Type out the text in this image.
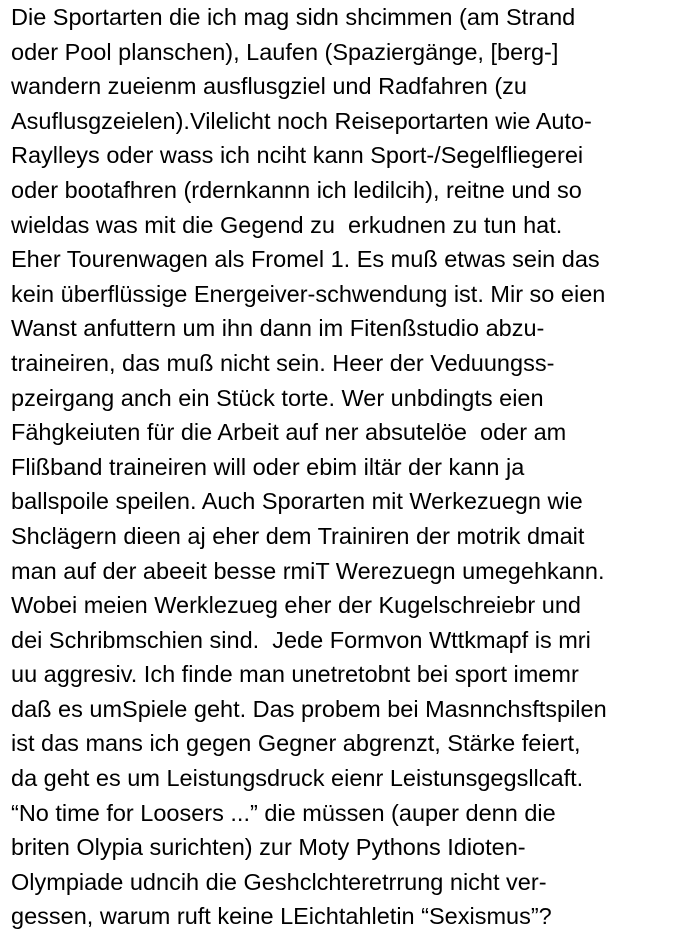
Die Sportarten die ich mag sidn shcimmen (am Strand
oder Pool planschen), Laufen (Spaziergänge, [berg-]
wandern zueienm ausflusgziel und Radfahren (zu
Asuflusgzeielen).Vilelicht noch Reiseportarten wie Auto-
Raylleys oder wass ich nciht kann Sport-/Segelfliegerei
oder bootafhren (rdernkannn ich ledilcih), reitne und so
wieldas was mit die Gegend zu  erkudnen zu tun hat.
Eher Tourenwagen als Fromel 1. Es muß etwas sein das
kein überflüssige Energeiver-schwendung ist. Mir so eien
Wanst anfuttern um ihn dann im Fitenßstudio abzu-
traineiren, das muß nicht sein. Heer der Veduungss-
pzeirgang anch ein Stück torte. Wer unbdingts eien
Fähgkeiuten für die Arbeit auf ner absutelöe  oder am
Flißband traineiren will oder ebim iltär der kann ja
ballspoile speilen. Auch Sporarten mit Werkezuegn wie
Shclägern dieen aj eher dem Trainiren der motrik dmait
man auf der abeeit besse rmiT Werezuegn umegehkann.
Wobei meien Werklezueg eher der Kugelschreiebr und
dei Schribmschien sind.  Jede Formvon Wttkmapf is mri
uu aggresiv. Ich finde man unetretobnt bei sport imemr
daß es umSpiele geht. Das probem bei Masnnchsftspilen
ist das mans ich gegen Gegner abgrenzt, Stärke feiert,
da geht es um Leistungsdruck eienr Leistunsgegsllcaft.
“No time for Loosers ...” die müssen (auper denn die
briten Olypia surichten) zur Moty Pythons Idioten-
Olympiade udncih die Geshclchteretrrung nicht ver-
gessen, warum ruft keine LEichtahletin “Sexismus”?
